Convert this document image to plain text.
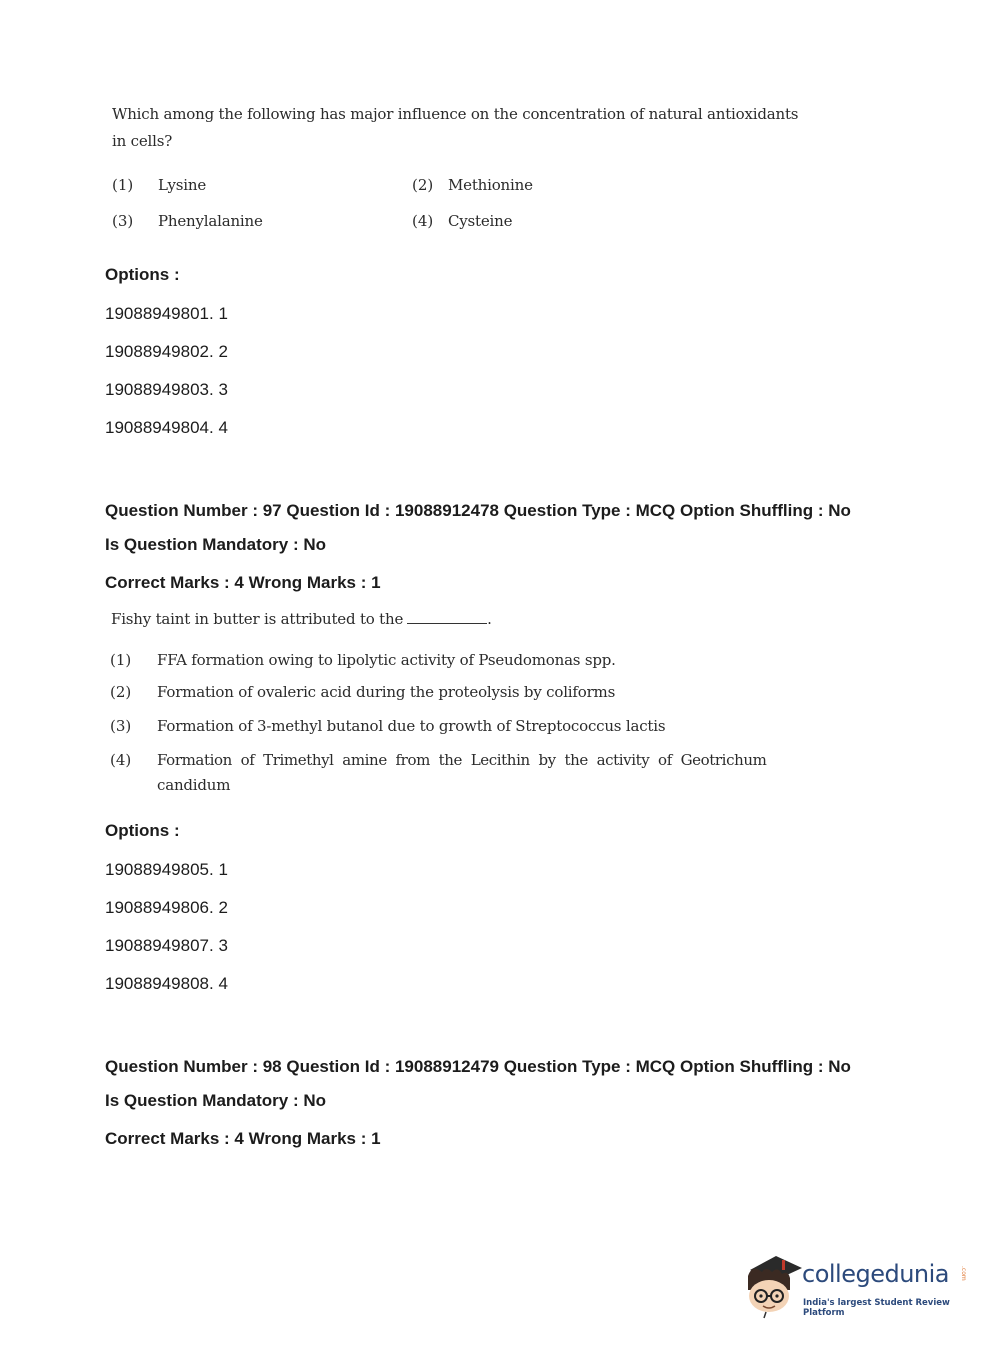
Which among the following has major influence on the concentration of natural antioxidants
in cells?
(1) Lysine	(2) Methionine
(3) Phenylalanine	(4) Cysteine
Options :
19088949801. 1
19088949802. 2
19088949803. 3
19088949804. 4
Question Number : 97 Question Id : 19088912478 Question Type : MCQ Option Shuffling : No
Is Question Mandatory : No
Correct Marks : 4 Wrong Marks : 1
Fishy taint in butter is attributed to the	.
(1) FFA formation owing to lipolytic activity of Pseudomonas spp.
(2) Formation of ovaleric acid during the proteolysis by coliforms
(3) Formation of 3-methyl butanol due to growth of Streptococcus lactis
(4) Formation  of  Trimethyl  amine  from  the  Lecithin  by  the  activity  of  Geotrichum
candidum
Options :
19088949805. 1
19088949806. 2
19088949807. 3
19088949808. 4
Question Number : 98 Question Id : 19088912479 Question Type : MCQ Option Shuffling : No
Is Question Mandatory : No
Correct Marks : 4 Wrong Marks : 1
collegedunia .com
India's largest Student Review Platform
